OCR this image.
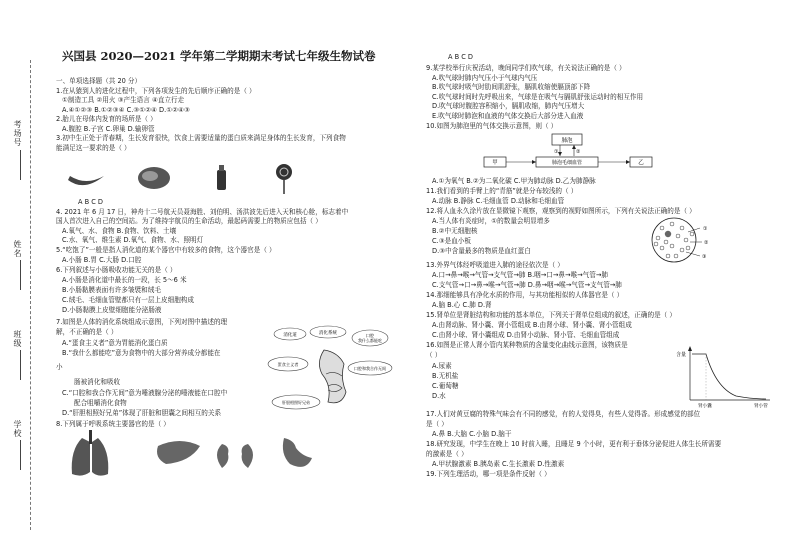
考场号
姓名
班级
学校
兴国县 2020—2021 学年第二学期期末考试七年级生物试卷
一、单项选择题（共 20 分）
1.在从猿到人的进化过程中，下列各项发生的先后顺序正确的是（ ）
①制造工具 ②用火 ③产生语言 ④直立行走
A.④①②③ B.①②③④ C.③①②④ D.①②④③
2.胎儿在母体内发育的场所是（ ）
A.腹腔 B.子宫 C.卵巢 D.输卵管
3.初中生正处于青春期，生长发育很快，饮食上需要适量的蛋白质来满足身体的生长发育，下列食物
能满足这一要求的是（ ）
A B C D
4. 2021 年 6 月 17 日，神舟十二号航天员聂海胜、刘伯明、汤洪波先后进入天和核心舱，标志着中
国人首次进入自己的空间站。为了维持宇航员的生命活动，最起码需要上的物质应包括（ ）
A.氧气、水、食物 B.食物、饮料、土壤
C.水、氧气、维生素 D.氧气、食物、水、照明灯
5.“吃饱了”一般是指人消化道的某个器官中有较多的食物，这个器官是（ ）
A.小肠 B.胃 C.大肠 D.口腔
6.下列叙述与小肠吸收功能无关的是（ ）
A.小肠是消化道中最长的一段，长 5～6 米
B.小肠黏膜表面有许多皱襞和绒毛
C.绒毛、毛细血管壁都只有一层上皮细胞构成
D.小肠黏膜上皮壁细胞能分泌肠液
7.如图是人体的消化系统组成示意图，下列对图中描述的理
解，不正确的是（ ）
A.“蛋食主义者”意为胃能消化蛋白质
B.“我什么都能吃”意为食物中的大部分营养成分都能在
小
肠被消化和吸收
C.“口腔和我合作无间”意为唾液腺分泌的唾液能在口腔中
配合咀嚼消化食物
D.“肝胆相照好兄弟”体现了肝脏和胆囊之间相互的关系
8.下列属于呼吸系统主要器官的是（ ）
A B C D
9.某学校举行庆祝活动，晚间同学们吹气球，有关说法正确的是（ ）
A.吹气球时肺内气压小于气球内气压
B.吹气球时吸气时肋间肌舒张，膈肌收缩使膈顶部下降
C.吹气球时间时先呼吸出来，气球是在吸气与膈肌舒张运动时的相互作用
D.吹气球时腹腔容积缩小，膈肌收缩，肺内气压增大
E.吹气球时肺泡和血液的气体交换后大部分进入血液
10.如图为肺泡里的气体交换示意图，则（ ）
A.①为氧气 B.②为二氧化碳 C.甲为肺动脉 D.乙为肺静脉
11.我们看到的手臂上的“青筋”就是分布较浅的（ ）
A.动脉 B.静脉 C.毛细血管 D.动脉和毛细血管
12.将人血永久涂片放在显微镜下观察，观察到的视野如图所示，下列有关说法正确的是（ ）
A.当人体有炎症时，①的数量会明显增多
B.②中无细胞核
C.③是血小板
D.③中含量最多的物质是血红蛋白
13.外界气体经呼吸道进入肺的途径依次是（ ）
A.口→鼻→喉→气管→支气管→肺 B.咽→口→鼻→喉→气管→肺
C.支气管→口→鼻→喉→气管→肺 D.鼻→咽→喉→气管→支气管→肺
14.那细能够具有净化水质的作用，与其功能相似的人体器官是（ ）
A.脑 B.心 C.肺 D.肾
15.肾单位是肾脏结构和功能的基本单位，下列关于肾单位组成的叙述，正确的是（ ）
A.由肾动脉、肾小囊、肾小管组成 B.由肾小球、肾小囊、肾小管组成
C.由肾小球、肾小囊组成 D.由肾小动脉、肾小管、毛细血管组成
16.如图是正常人肾小管内某种物质的含量变化曲线示意图，该物质是
（ ）
A.尿素
B.无机盐
C.葡萄糖
D.水
17.人们对黄豆腐的特殊气味会有不同的感觉，有的人觉得臭，有些人觉得香。形成感觉的部位
是（ ）
A.鼻 B.大脑 C.小脑 D.脑干
18.研究发现，中学生在晚上 10 时前入睡，且睡足 9 个小时，更有利于垂体分泌促进人体生长所需要
的激素是（ ）
A.甲状腺激素 B.胰岛素 C.生长激素 D.性激素
19.下列生理活动，哪一项是条件反射（ ）
消化道	消化系统	口腔
我什么都能吃
蛋食主义者
口腔和我合作无间
肝胆相照好兄弟
肺泡
①	②
甲	肺泡毛细血管	乙
①
②
③
含量
肾小囊	肾小管
